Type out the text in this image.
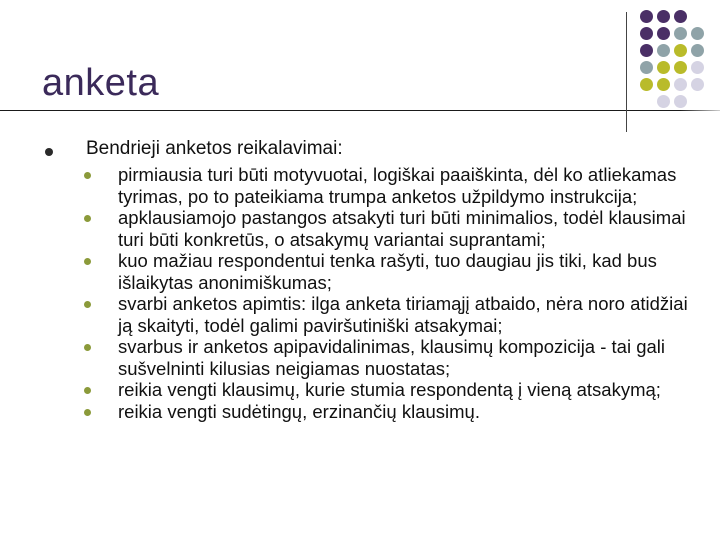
anketa
Bendrieji anketos reikalavimai:
pirmiausia turi būti motyvuotai, logiškai paaiškinta, dėl ko atliekamas tyrimas, po to pateikiama trumpa anketos užpildymo instrukcija;
apklausiamojo pastangos atsakyti turi būti minimalios, todėl klausimai turi būti konkretūs, o atsakymų variantai suprantami;
kuo mažiau respondentui tenka rašyti, tuo daugiau jis tiki, kad bus išlaikytas anonimiškumas;
svarbi anketos apimtis: ilga anketa tiriamąjį atbaido, nėra noro atidžiai ją skaityti, todėl galimi paviršutiniški atsakymai;
svarbus ir anketos apipavidalinimas, klausimų kompozicija - tai gali sušvelninti kilusias neigiamas nuostatas;
reikia vengti klausimų, kurie stumia respondentą į vieną atsakymą;
reikia vengti sudėtingų, erzinančių klausimų.
